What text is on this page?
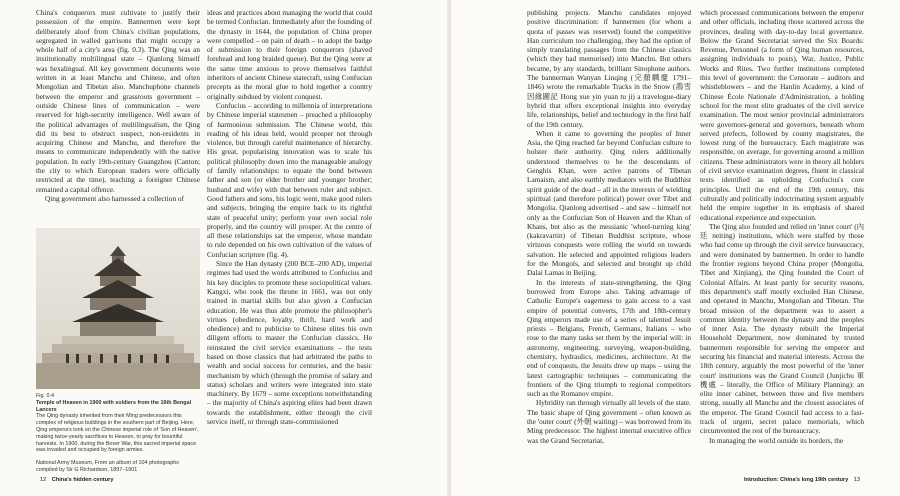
China's conquerors must cultivate to justify their possession of the empire. Bannermen were kept deliberately aloof from China's civilian populations, segregated in walled garrisons that might occupy a whole half of a city's area (fig. 0.3). The Qing was an institutionally multilingual state – Qianlong himself was hexalingual. All key government documents were written in at least Manchu and Chinese, and often Mongolian and Tibetan also. Manchuphone channels between the emperor and grassroots government – outside Chinese lines of communication – were reserved for high-security intelligence. Well aware of the political advantages of multilingualism, the Qing did its best to obstruct suspect, non-residents in acquiring Chinese and Manchu, and therefore the means to communicate independently with the native population. In early 19th-century Guangzhou (Canton; the city to which European traders were officially restricted at the time), teaching a foreigner Chinese remained a capital offence.

Qing government also harnessed a collection of

Fig. 0.4
Temple of Heaven in 1900 with soldiers from the 16th Bengal Lancers
The Qing dynasty inherited from their Ming predecessors this complex of religious buildings in the southern part of Beijing. Here, Qing emperors took on the Chinese imperial role of 'Son of Heaven', making twice-yearly sacrifices to Heaven, to pray for bountiful harvests. In 1900, during the Boxer War, this sacred imperial space was invaded and occupied by foreign armies.
National Army Museum, From an album of 104 photographs compiled by Sir G Richardson, 1897–1901

ideas and practices about managing the world that could be termed Confucian. Immediately after the founding of the dynasty in 1644, the population of China proper were compelled – on pain of death – to adopt the badge of submission to their foreign conquerors (shaved forehead and long braided queue). But the Qing were at the same time anxious to prove themselves faithful inheritors of ancient Chinese statecraft, using Confucian precepts as the moral glue to hold together a country originally subdued by violent conquest.

Confucius – according to millennia of interpretations by Chinese imperial statesmen – preached a philosophy of harmonious submission. The Chinese world, this reading of his ideas held, would prosper not through violence, but through careful maintenance of hierarchy. His great, popularising innovation was to scale his political philosophy down into the manageable analogy of family relationships: to equate the bond between father and son (or elder brother and younger brother; husband and wife) with that between ruler and subject. Good fathers and sons, his logic went, make good rulers and subjects, bringing the empire back to its rightful state of peaceful unity; perform your own social role properly, and the country will prosper. At the centre of all these relationships sat the emperor, whose mandate to rule depended on his own cultivation of the values of Confucian scripture (fig. 4).

Since the Han dynasty (200 BCE–200 AD), imperial regimes had used the words attributed to Confucius and his key disciples to promote these sociopolitical values. Kangxi, who took the throne in 1661, was not only trained in martial skills but also given a Confucian education. He was thus able promote the philosopher's virtues (obedience, loyalty, thrift, hard work and obedience) and to publicise to Chinese elites his own diligent efforts to master the Confucian classics. He reinstated the civil service examinations – the tests based on those classics that had arbitrated the paths to wealth and social success for centuries, and the basic mechanism by which (through the promise of salary and status) scholars and writers were integrated into state machinery. By 1679 – some exceptions notwithstanding – the majority of China's aspiring elites had been drawn towards the establishment, either through the civil service itself, or through state-commissioned

12 China's hidden century

publishing projects. Manchu candidates enjoyed positive discrimination: if bannermen (for whom a quota of passes was reserved) found the competitive Han curriculum too challenging, they had the option of simply translating passages from the Chinese classics (which they had memorised) into Manchu. But others became, by any standards, brilliant Sinophone authors. The bannerman Wanyan Linqing (完顏麟慶 1791–1846) wrote the remarkable Tracks in the Snow (鴻雪因緣圖記 Hong xue yin yuan tu ji) a travelogue-diary hybrid that offers exceptional insights into everyday life, relationships, belief and technology in the first half of the 19th century.

When it came to governing the peoples of Inner Asia, the Qing reached far beyond Confucian culture to bolster their authority. Qing rulers additionally understood themselves to be the descendants of Genghis Khan, were active patrons of Tibetan Lamaism, and also earthly mediators with the Buddhist spirit guide of the dead – all in the interests of wielding spiritual (and therefore political) power over Tibet and Mongolia. Qianlong advertised – and saw – himself not only as the Confucian Son of Heaven and the Khan of Khans, but also as the messianic 'wheel-turning king' (kakravartin) of Tibetan Buddhist scripture, whose virtuous conquests were rolling the world on towards salvation. He selected and appointed religious leaders for the Mongols, and selected and brought up child Dalai Lamas in Beijing.

In the interests of state-strengthening, the Qing borrowed from Europe also. Taking advantage of Catholic Europe's eagerness to gain access to a vast empire of potential converts, 17th and 18th-century Qing emperors made use of a series of talented Jesuit priests – Belgians, French, Germans, Italians – who rose to the many tasks set them by the imperial will: in astronomy, engineering, surveying, weapon-building, chemistry, hydraulics, medicines, architecture. At the end of conquests, the Jesuits drew up maps – using the latest cartographic techniques – communicating the frontiers of the Qing triumph to regional competitors such as the Romanov empire.

Hybridity ran through virtually all levels of the state. The basic shape of Qing government – often known as the 'outer court' (外朝 waiting) – was borrowed from its Ming predecessor. The highest internal executive office was the Grand Secretariat,

which processed communications between the emperor and other officials, including those scattered across the provinces, dealing with day-to-day local governance. Below the Grand Secretariat served the Six Boards: Revenue, Personnel (a form of Qing human resources, assigning individuals to posts), War, Justice, Public Works and Rites. Two further institutions completed this level of government: the Censorate – auditors and whistleblowers – and the Hanlin Academy, a kind of Chinese École Nationale d'Administration, a holding school for the most elite graduates of the civil service examination. The most senior provincial administrators were governors-general and governors, beneath whom served prefects, followed by county magistrates, the lowest rung of the bureaucracy. Each magistrate was responsible, on average, for governing around a million citizens. These administrators were in theory all holders of civil service examination degrees, fluent in classical texts identified as upholding Confucius's core principles. Until the end of the 19th century, this culturally and politically indoctrinating system arguably held the empire together in its emphasis of shared educational experience and expectation.

The Qing also founded and relied on 'inner court' (內廷 neiting) institutions, which were staffed by those who had come up through the civil service bureaucracy, and were dominated by bannermen. In order to handle the frontier regions beyond China proper (Mongolia, Tibet and Xinjiang), the Qing founded the Court of Colonial Affairs. At least partly for security reasons, this department's staff mostly excluded Han Chinese, and operated in Manchu, Mongolian and Tibetan. The broad mission of the department was to assert a common identity between the dynasty and the peoples of inner Asia. The dynasty rebuilt the Imperial Household Department, now dominated by trusted bannermen responsible for serving the emperor and securing his financial and material interests. Across the 18th century, arguably the most powerful of the 'inner court' institutions was the Grand Council (Junjichu 軍機處 – literally, the Office of Military Planning): an elite inner cabinet, between three and five members strong, usually all Manchu and the closest associates of the emperor. The Grand Council had access to a fast-track of urgent, secret palace memorials, which circumvented the rest of the bureaucracy.

In managing the world outside its borders, the

Introduction: China's long 19th century 13
